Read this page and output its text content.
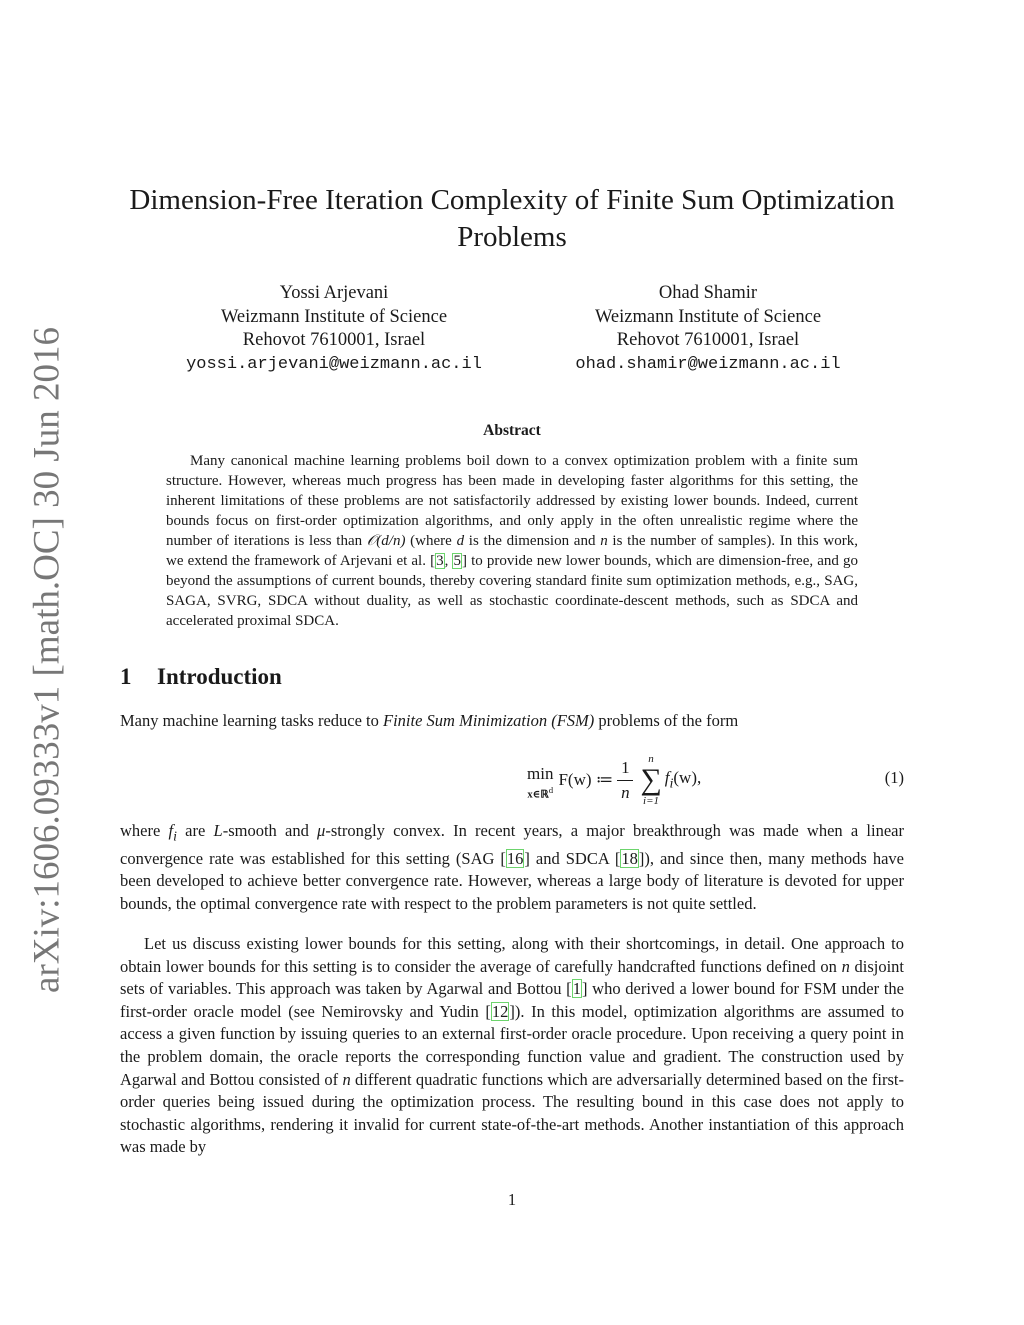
arXiv:1606.09333v1 [math.OC] 30 Jun 2016
Dimension-Free Iteration Complexity of Finite Sum Optimization Problems
Yossi Arjevani
Weizmann Institute of Science
Rehovot 7610001, Israel
yossi.arjevani@weizmann.ac.il
Ohad Shamir
Weizmann Institute of Science
Rehovot 7610001, Israel
ohad.shamir@weizmann.ac.il
Abstract

Many canonical machine learning problems boil down to a convex optimization problem with a finite sum structure. However, whereas much progress has been made in developing faster algorithms for this setting, the inherent limitations of these problems are not satisfactorily addressed by existing lower bounds. Indeed, current bounds focus on first-order optimization algorithms, and only apply in the often unrealistic regime where the number of iterations is less than 𝒪(d/n) (where d is the dimension and n is the number of samples). In this work, we extend the framework of Arjevani et al. [3, 5] to provide new lower bounds, which are dimension-free, and go beyond the assumptions of current bounds, thereby covering standard finite sum optimization methods, e.g., SAG, SAGA, SVRG, SDCA without duality, as well as stochastic coordinate-descent methods, such as SDCA and accelerated proximal SDCA.

1 Introduction

Many machine learning tasks reduce to Finite Sum Minimization (FSM) problems of the form

min
x∈ℝ$^d$
F(w) ≔ $\frac{1}{n}$ n
∑
i=1
$f_i(w)$,	(1)

where $f_i$ are L-smooth and μ-strongly convex. In recent years, a major breakthrough was made when a linear convergence rate was established for this setting (SAG [16] and SDCA [18]), and since then, many methods have been developed to achieve better convergence rate. However, whereas a large body of literature is devoted for upper bounds, the optimal convergence rate with respect to the problem parameters is not quite settled.

Let us discuss existing lower bounds for this setting, along with their shortcomings, in detail. One approach to obtain lower bounds for this setting is to consider the average of carefully handcrafted functions defined on n disjoint sets of variables. This approach was taken by Agarwal and Bottou [1] who derived a lower bound for FSM under the first-order oracle model (see Nemirovsky and Yudin [12]). In this model, optimization algorithms are assumed to access a given function by issuing queries to an external first-order oracle procedure. Upon receiving a query point in the problem domain, the oracle reports the corresponding function value and gradient. The construction used by Agarwal and Bottou consisted of n different quadratic functions which are adversarially determined based on the first-order queries being issued during the optimization process. The resulting bound in this case does not apply to stochastic algorithms, rendering it invalid for current state-of-the-art methods. Another instantiation of this approach was made by

1
